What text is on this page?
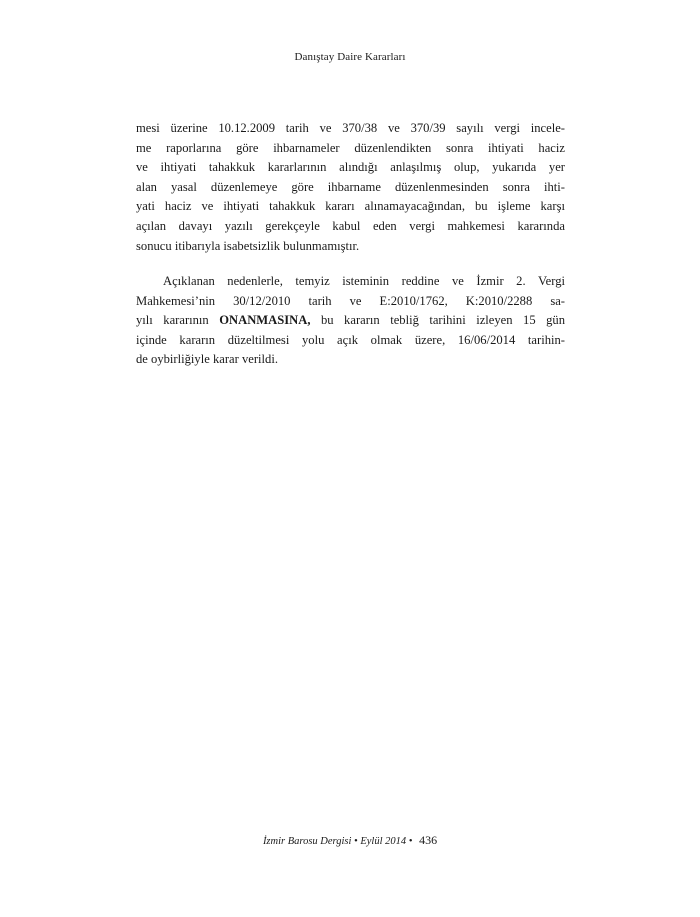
Danıştay Daire Kararları

mesi üzerine 10.12.2009 tarih ve 370/38 ve 370/39 sayılı vergi incele-
me raporlarına göre ihbarnameler düzenlendikten sonra ihtiyati haciz
ve ihtiyati tahakkuk kararlarının alındığı anlaşılmış olup, yukarıda yer
alan yasal düzenlemeye göre ihbarname düzenlenmesinden sonra ihti-
yati haciz ve ihtiyati tahakkuk kararı alınamayacağından, bu işleme karşı
açılan davayı yazılı gerekçeyle kabul eden vergi mahkemesi kararında
sonucu itibarıyla isabetsizlik bulunmamıştır.

Açıklanan nedenlerle, temyiz isteminin reddine ve İzmir 2. Vergi
Mahkemesi’nin 30/12/2010 tarih ve E:2010/1762, K:2010/2288 sa-
yılı kararının ONANMASINA, bu kararın tebliğ tarihini izleyen 15 gün
içinde kararın düzeltilmesi yolu açık olmak üzere, 16/06/2014 tarihin-
de oybirliğiyle karar verildi.

İzmir Barosu Dergisi • Eylül 2014 • 436
